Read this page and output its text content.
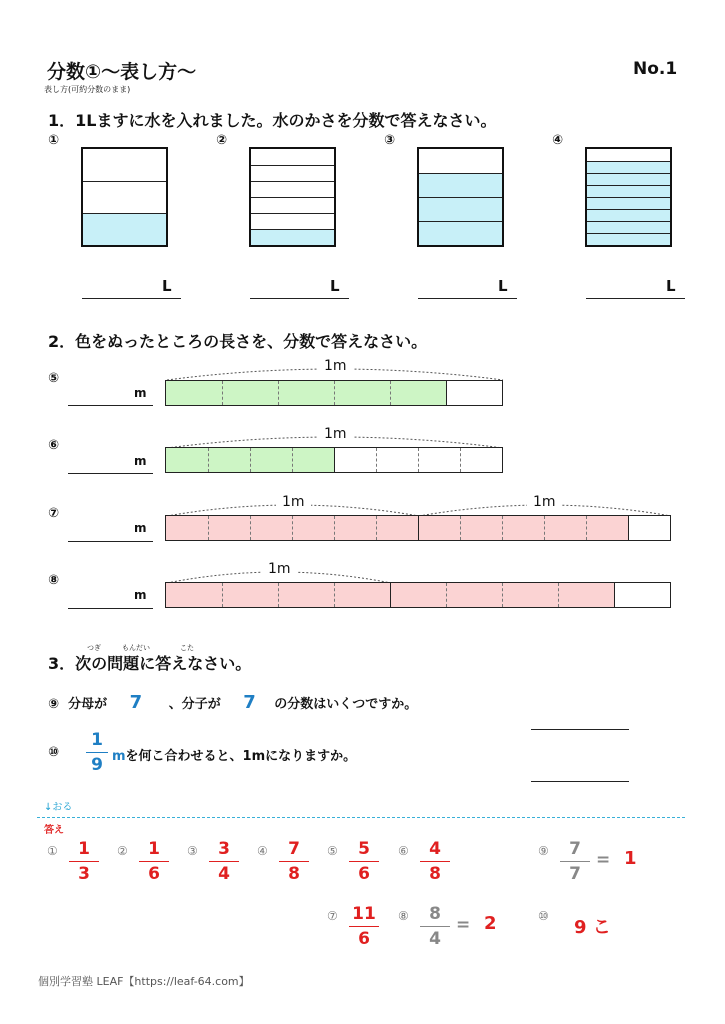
分数①〜表し方〜
表し方(可約分数のまま)
No.1
1．1Lますに水を入れました。水のかさを分数で答えなさい。
①	②	③	④
L	L	L	L
2．色をぬったところの長さを、分数で答えなさい。
⑤
m
1m
⑥
m
1m
⑦
m
1m	1m
⑧
m
1m
つぎ	もんだい	こた
3．次の問題に答えなさい。
⑨ 分母が 7 、分子が 7 の分数はいくつですか。
⑩
1
9 mを何こ合わせると、1mになりますか。
↓おる
答え
①	1
3
②	1
6
③	3
4
④	7
8
⑤	5
6
⑥	4
8
⑦ 11
6
⑧	8
4
= 2
⑨	7
7
= 1
⑩
9 こ
個別学習塾 LEAF【https://leaf-64.com】
